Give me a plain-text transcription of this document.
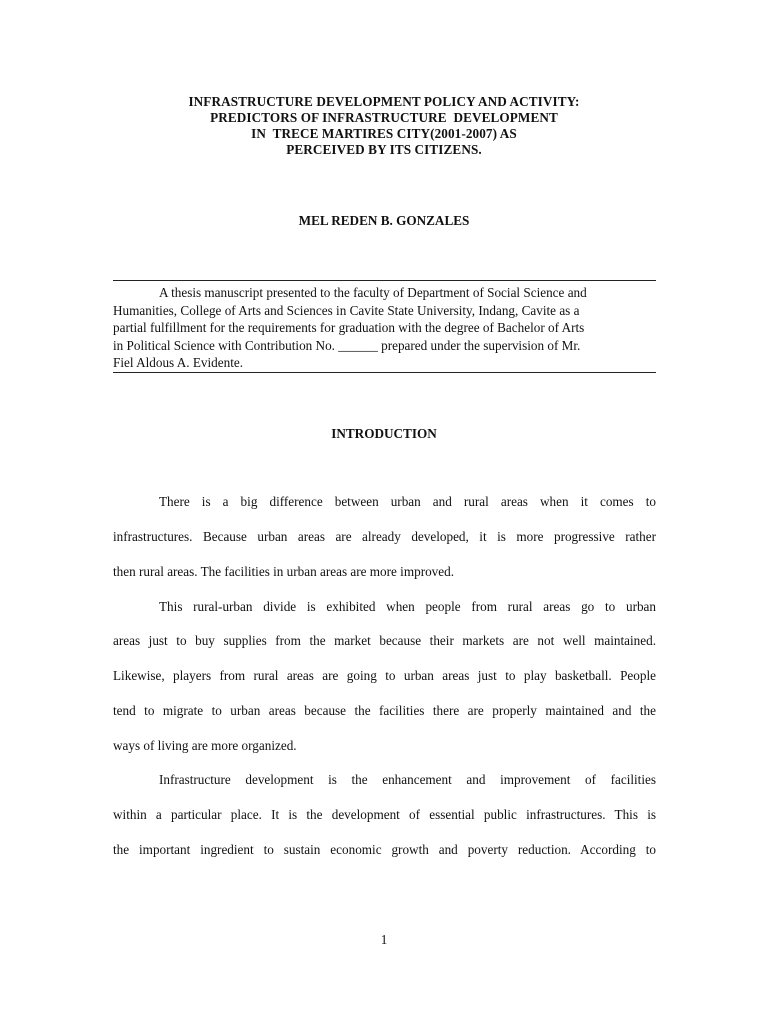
INFRASTRUCTURE DEVELOPMENT POLICY AND ACTIVITY:
PREDICTORS OF INFRASTRUCTURE  DEVELOPMENT
IN  TRECE MARTIRES CITY(2001-2007) AS
PERCEIVED BY ITS CITIZENS.
MEL REDEN B. GONZALES
A thesis manuscript presented to the faculty of Department of Social Science and
Humanities, College of Arts and Sciences in Cavite State University, Indang, Cavite as a
partial fulfillment for the requirements for graduation with the degree of Bachelor of Arts
in Political Science with Contribution No. ______ prepared under the supervision of Mr.
Fiel Aldous A. Evidente.
INTRODUCTION
There is a big difference between urban and rural areas when it comes to
infrastructures. Because urban areas are already developed, it is more progressive rather
then rural areas. The facilities in urban areas are more improved.
This rural-urban divide is exhibited when people from rural areas go to urban
areas just to buy supplies from the market because their markets are not well maintained.
Likewise, players from rural areas are going to urban areas just to play basketball. People
tend to migrate to urban areas because the facilities there are properly maintained and the
ways of living are more organized.
Infrastructure development is the enhancement and improvement of facilities
within a particular place. It is the development of essential public infrastructures. This is
the important ingredient to sustain economic growth and poverty reduction. According to
1
